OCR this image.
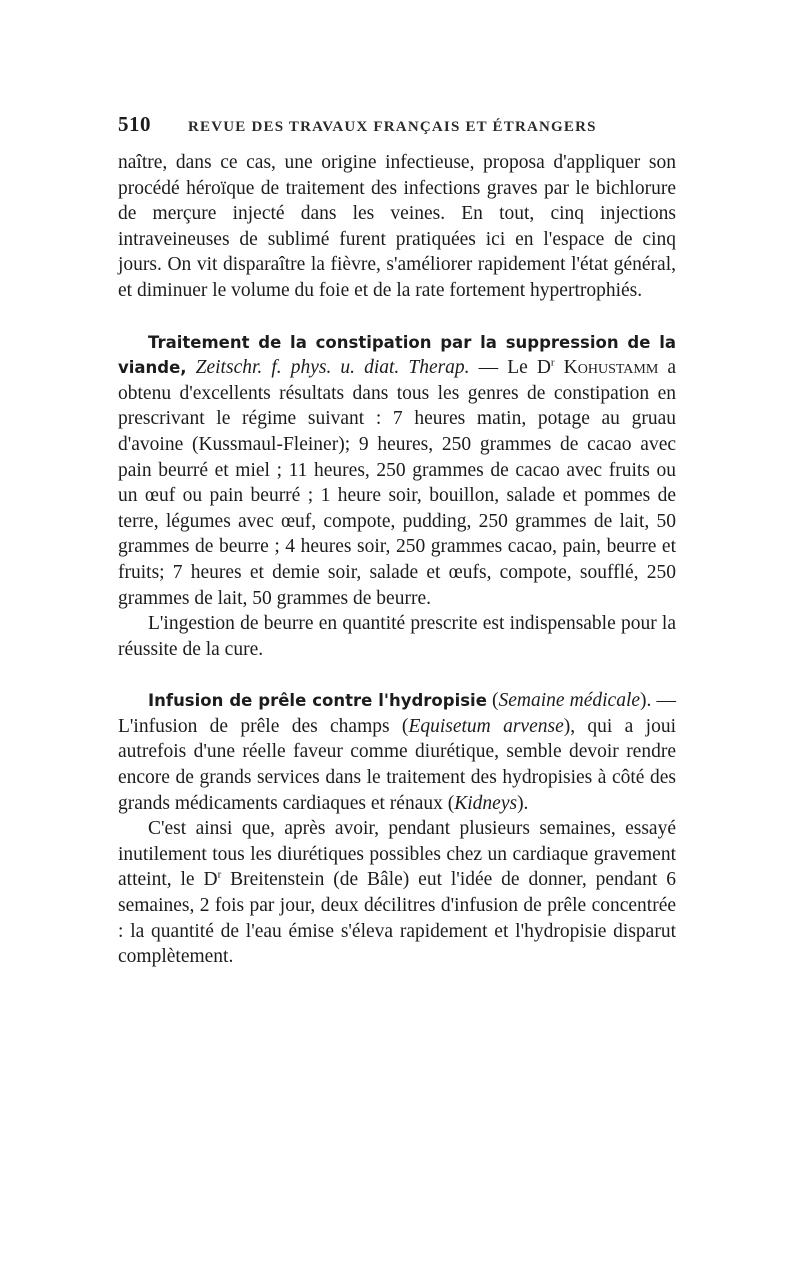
510	REVUE DES TRAVAUX FRANÇAIS ET ÉTRANGERS

naître, dans ce cas, une origine infectieuse, proposa d'appliquer son procédé héroïque de traitement des infections graves par le bichlorure de merçure injecté dans les veines. En tout, cinq injections intraveineuses de sublimé furent pratiquées ici en l'espace de cinq jours. On vit disparaître la fièvre, s'améliorer rapidement l'état général, et diminuer le volume du foie et de la rate fortement hypertrophiés.

Traitement de la constipation par la suppression de la viande, Zeitschr. f. phys. u. diat. Therap. — Le $D^r$ Kohustamm a obtenu d'excellents résultats dans tous les genres de constipation en prescrivant le régime suivant : 7 heures matin, potage au gruau d'avoine (Kussmaul-Fleiner); 9 heures, 250 grammes de cacao avec pain beurré et miel ; 11 heures, 250 grammes de cacao avec fruits ou un œuf ou pain beurré ; 1 heure soir, bouillon, salade et pommes de terre, légumes avec œuf, compote, pudding, 250 grammes de lait, 50 grammes de beurre ; 4 heures soir, 250 grammes cacao, pain, beurre et fruits; 7 heures et demie soir, salade et œufs, compote, soufflé, 250 grammes de lait, 50 grammes de beurre.

L'ingestion de beurre en quantité prescrite est indispensable pour la réussite de la cure.

Infusion de prêle contre l'hydropisie (Semaine médicale). — L'infusion de prêle des champs (Equisetum arvense), qui a joui autrefois d'une réelle faveur comme diurétique, semble devoir rendre encore de grands services dans le traitement des hydropisies à côté des grands médicaments cardiaques et rénaux (Kidneys).

C'est ainsi que, après avoir, pendant plusieurs semaines, essayé inutilement tous les diurétiques possibles chez un cardiaque gravement atteint, le $D^r$ Breitenstein (de Bâle) eut l'idée de donner, pendant 6 semaines, 2 fois par jour, deux décilitres d'infusion de prêle concentrée : la quantité de l'eau émise s'éleva rapidement et l'hydropisie disparut complètement.
